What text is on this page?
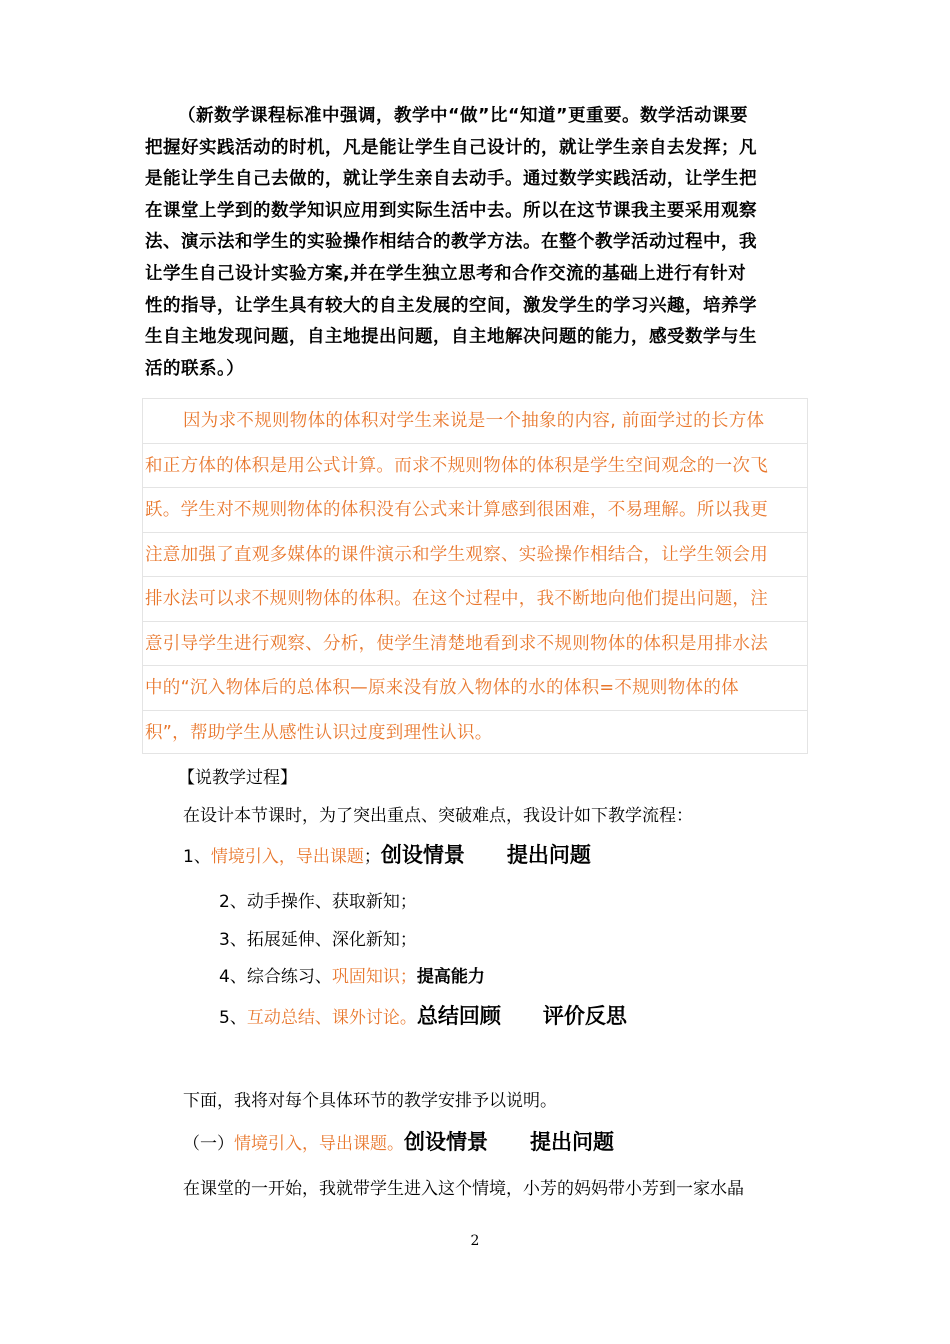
（新数学课程标准中强调，教学中“做”比“知道”更重要。数学活动课要
把握好实践活动的时机，凡是能让学生自己设计的，就让学生亲自去发挥；凡
是能让学生自己去做的，就让学生亲自去动手。通过数学实践活动，让学生把
在课堂上学到的数学知识应用到实际生活中去。所以在这节课我主要采用观察
法、演示法和学生的实验操作相结合的教学方法。在整个教学活动过程中，我
让学生自己设计实验方案,并在学生独立思考和合作交流的基础上进行有针对
性的指导，让学生具有较大的自主发展的空间，激发学生的学习兴趣，培养学
生自主地发现问题，自主地提出问题，自主地解决问题的能力，感受数学与生
活的联系。）
因为求不规则物体的体积对学生来说是一个抽象的内容, 前面学过的长方体
和正方体的体积是用公式计算。而求不规则物体的体积是学生空间观念的一次飞
跃。学生对不规则物体的体积没有公式来计算感到很困难，不易理解。所以我更
注意加强了直观多媒体的课件演示和学生观察、实验操作相结合，让学生领会用
排水法可以求不规则物体的体积。在这个过程中，我不断地向他们提出问题，注
意引导学生进行观察、分析，使学生清楚地看到求不规则物体的体积是用排水法
中的“沉入物体后的总体积—原来没有放入物体的水的体积=不规则物体的体
积”，帮助学生从感性认识过度到理性认识。
【说教学过程】
在设计本节课时，为了突出重点、突破难点，我设计如下教学流程：
1、情境引入，导出课题；创设情景 提出问题
2、动手操作、获取新知；
3、拓展延伸、深化新知；
4、综合练习、巩固知识；提高能力
5、互动总结、课外讨论。总结回顾 评价反思
下面，我将对每个具体环节的教学安排予以说明。
（一）情境引入，导出课题。创设情景 提出问题
在课堂的一开始，我就带学生进入这个情境，小芳的妈妈带小芳到一家水晶
2
